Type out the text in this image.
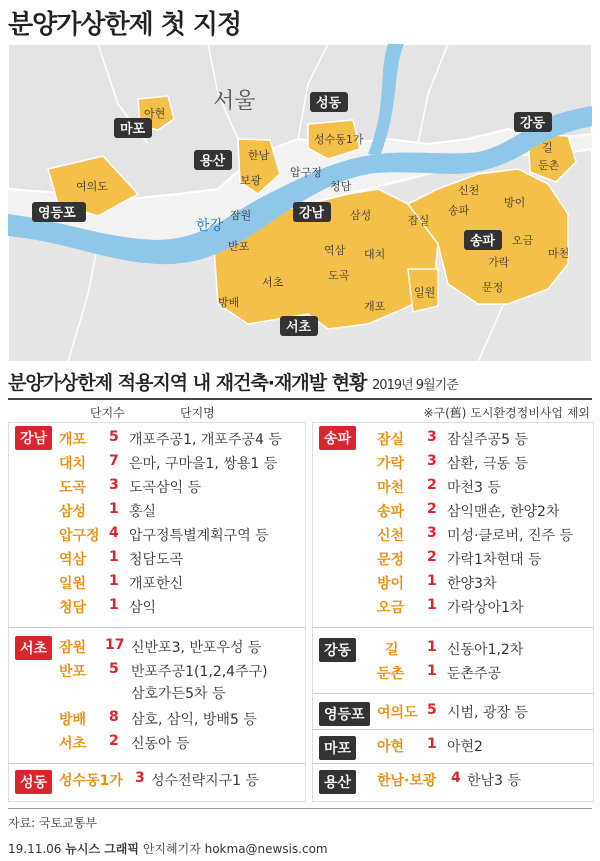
분양가상한제 첫 지정
서울
한강
마포
용산
성동
영등포	강남
서초
송파
강동
아현
한남
보광
성수동1가
여의도
압구정
청담	신천
송파
방이
길
둔촌
잠원
반포	역삼
삼성
대치
잠실
가락
오금
마천
문정
서초
방배
도곡
개포
일원
분양가상한제 적용지역 내 재건축·재개발 현황 2019년 9월기준
단지수	단지명	※구(舊) 도시환경정비사업 제외
강남 개포 5 개포주공1, 개포주공4 등
대치 7 은마, 구마을1, 쌍용1 등
도곡 3 도곡삼익 등
삼성 1 홍실
압구정 4 압구정특별계획구역 등
역삼 1 청담도곡
일원 1 개포한신
청담 1 삼익
서초 잠원 17 신반포3, 반포우성 등
반포 5 반포주공1(1,2,4주구)
삼호가든5차 등
방배 8 삼호, 삼익, 방배5 등
서초 2 신동아 등
성동 성수동1가 3 성수전략지구1 등
송파	잠실 3 잠실주공5 등
가락 3 삼환, 극동 등
마천 2 마천3 등
송파 2 삼익맨숀, 한양2차
신천 3 미성·클로버, 진주 등
문정 2 가락1차현대 등
방이 1 한양3차
오금 1 가락상아1차
강동	길 1 신동아1,2차
둔촌 1 둔촌주공
영등포 여의도 5 시범, 광장 등
마포	아현 1 아현2
용산	한남·보광 4 한남3 등
자료: 국토교통부
19.11.06 뉴시스 그래픽 안지혜기자 hokma@newsis.com
